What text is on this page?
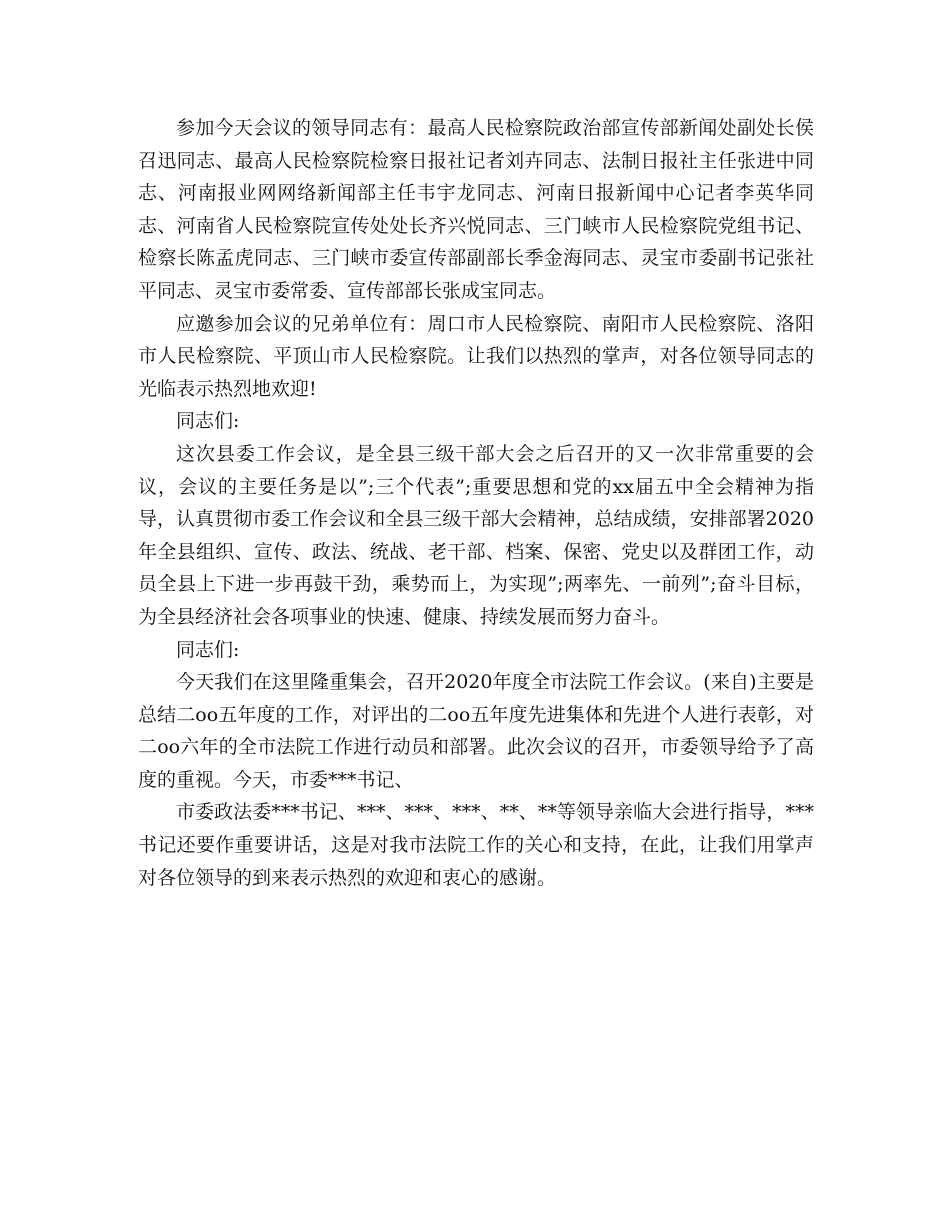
参加今天会议的领导同志有：最高人民检察院政治部宣传部新闻处副处长侯召迅同志、最高人民检察院检察日报社记者刘卉同志、法制日报社主任张进中同志、河南报业网网络新闻部主任韦宇龙同志、河南日报新闻中心记者李英华同志、河南省人民检察院宣传处处长齐兴悦同志、三门峡市人民检察院党组书记、检察长陈孟虎同志、三门峡市委宣传部副部长季金海同志、灵宝市委副书记张社平同志、灵宝市委常委、宣传部部长张成宝同志。

应邀参加会议的兄弟单位有：周口市人民检察院、南阳市人民检察院、洛阳市人民检察院、平顶山市人民检察院。让我们以热烈的掌声，对各位领导同志的光临表示热烈地欢迎!

同志们:

这次县委工作会议，是全县三级干部大会之后召开的又一次非常重要的会议，会议的主要任务是以”;三个代表”;重要思想和党的xx届五中全会精神为指导，认真贯彻市委工作会议和全县三级干部大会精神，总结成绩，安排部署2020年全县组织、宣传、政法、统战、老干部、档案、保密、党史以及群团工作，动员全县上下进一步再鼓干劲，乘势而上，为实现”;两率先、一前列”;奋斗目标，为全县经济社会各项事业的快速、健康、持续发展而努力奋斗。

同志们:

今天我们在这里隆重集会，召开2020年度全市法院工作会议。(来自)主要是总结二oo五年度的工作，对评出的二oo五年度先进集体和先进个人进行表彰，对二oo六年的全市法院工作进行动员和部署。此次会议的召开，市委领导给予了高度的重视。今天，市委***书记、

市委政法委***书记、***、***、***、**、**等领导亲临大会进行指导，***书记还要作重要讲话，这是对我市法院工作的关心和支持，在此，让我们用掌声对各位领导的到来表示热烈的欢迎和衷心的感谢。
